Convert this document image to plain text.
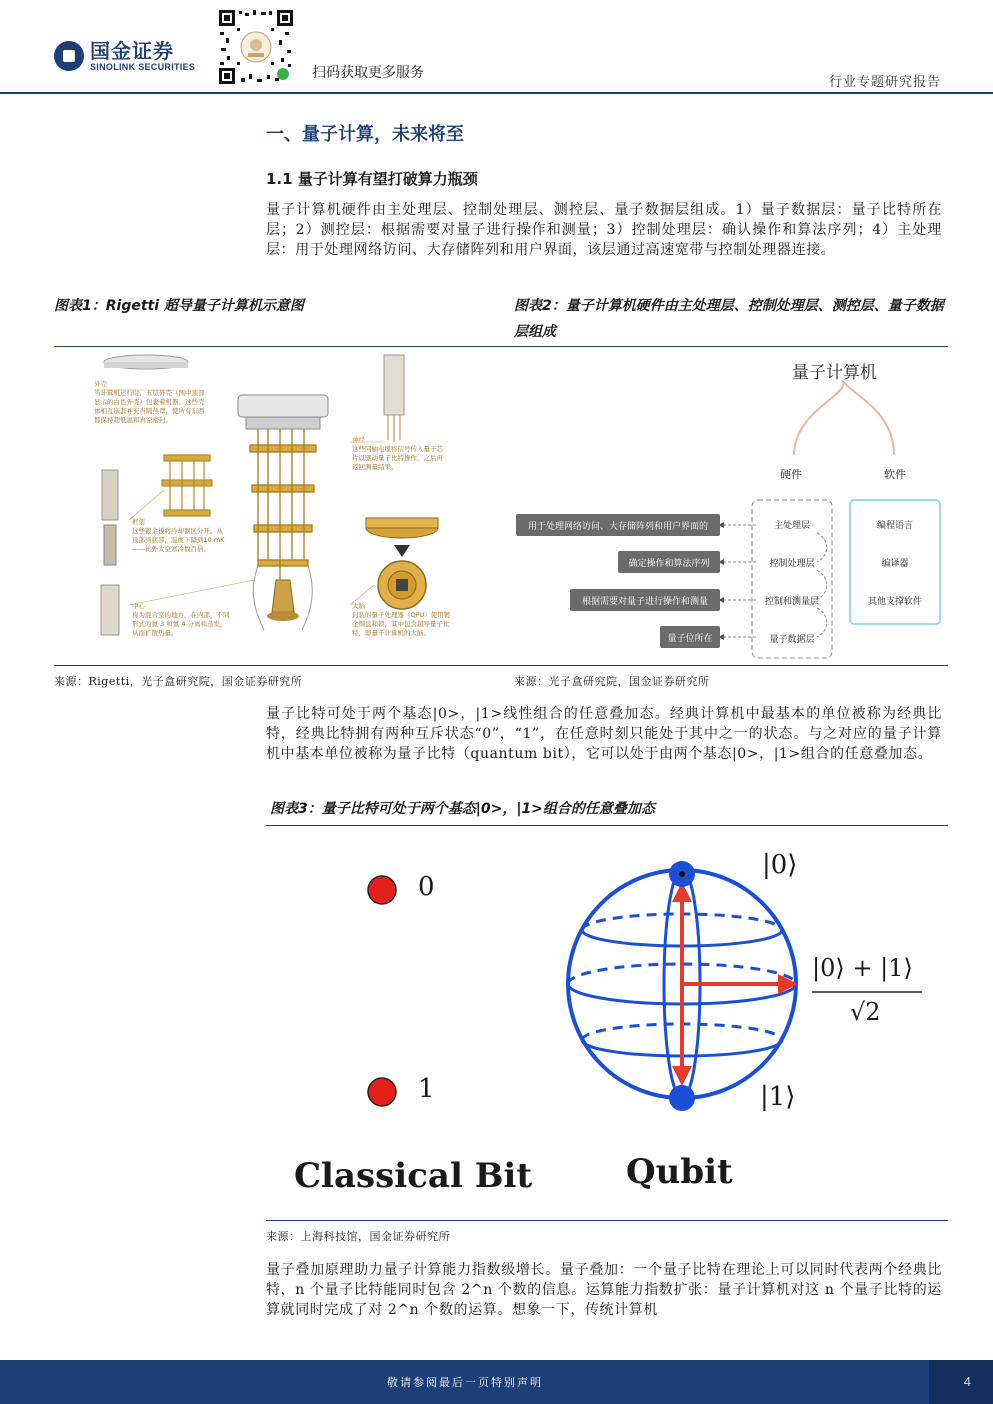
国金证券
SINOLINK SECURITIES	扫码获取更多服务
行业专题研究报告
一、量子计算，未来将至
1.1 量子计算有望打破算力瓶颈
量子计算机硬件由主处理层、控制处理层、测控层、量子数据层组成。1）量子数据层：量子比特所在层；2）测控层：根据需要对量子进行操作和测量；3）控制处理层：确认操作和算法序列；4）主处理层：用于处理网络访问、大存储阵列和用户界面，该层通过高速宽带与控制处理器连接。
图表1：Rigetti 超导量子计算机示意图	图表2：量子计算机硬件由主处理层、控制处理层、测控层、量子数据层组成
外壳
当计算机运行时，五层外壳（图中顶部显示的白色外壳）包裹着机器。这些壳体相互嵌套并充当隔热罩，使所有东西都保持超低温和真空密封。
神经
这些同轴电缆将信号传入量子芯片以驱动量子比特操作，之后再返回测量结果。
框架
这些镀金板将冷却器区分开。从顶部到底部，温度下降到10 mK——比外太空寒冷数百倍。
中心
称为混合室的地方，在内部，不同形式的氦 3 和氦 4 分离和蒸发，从而扩散热量。
大脑
封装的量子处理器（QPU）使用镀金铜盘和锁，其中包含超导量子比特，即量子计算机的大脑。
量子计算机
硬件	软件
用于处理网络访问、大存储阵列和用户界面的
确定操作和算法序列
根据需要对量子进行操作和测量
量子位所在
主处理层
控制处理层
控制和测量层
量子数据层
编程语言
编译器
其他支撑软件
来源：Rigetti，光子盒研究院，国金证券研究所	来源：光子盒研究院，国金证券研究所
量子比特可处于两个基态|0>，|1>线性组合的任意叠加态。经典计算机中最基本的单位被称为经典比特，经典比特拥有两种互斥状态“0”，“1”，在任意时刻只能处于其中之一的状态。与之对应的量子计算机中基本单位被称为量子比特（quantum bit），它可以处于由两个基态|0>，|1>组合的任意叠加态。
图表3：量子比特可处于两个基态|0>，|1>组合的任意叠加态
0
1
Classical Bit	Qubit
|0⟩
|1⟩
|0⟩ + |1⟩
√2
来源：上海科技馆，国金证券研究所
量子叠加原理助力量子计算能力指数级增长。量子叠加：一个量子比特在理论上可以同时代表两个经典比特，n 个量子比特能同时包含 2^n 个数的信息。运算能力指数扩张：量子计算机对这 n 个量子比特的运算就同时完成了对 2^n 个数的运算。想象一下，传统计算机
敬请参阅最后一页特别声明	4
